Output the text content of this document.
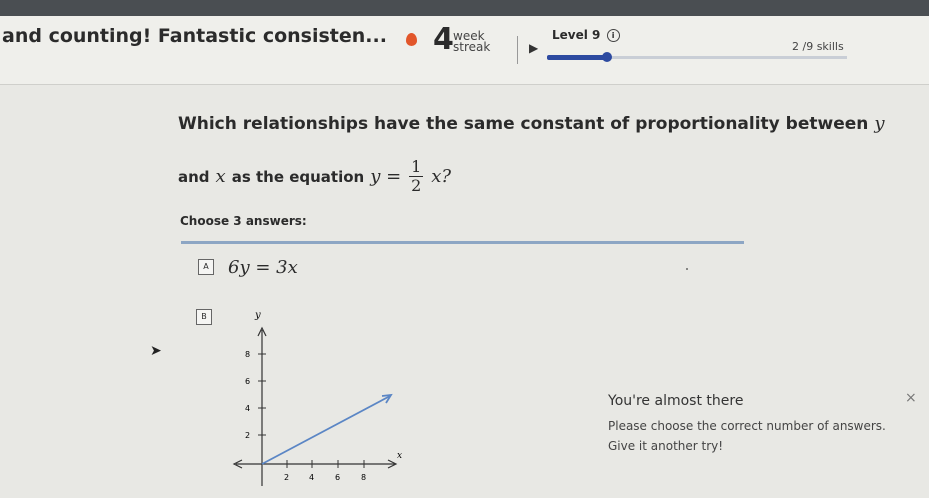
and counting! Fantastic consisten... 4 week
streak	▶
Level 9 i
2 /9 skills
Which relationships have the same constant of proportionality between y
and x as the equation $y = \frac{1}{2} x$?
Choose 3 answers:
A 6y = 3x
B	y
x
8
6
4
2
2 4	6	8
➤
You're almost there
Please choose the correct number of answers.
Give it another try!
×
